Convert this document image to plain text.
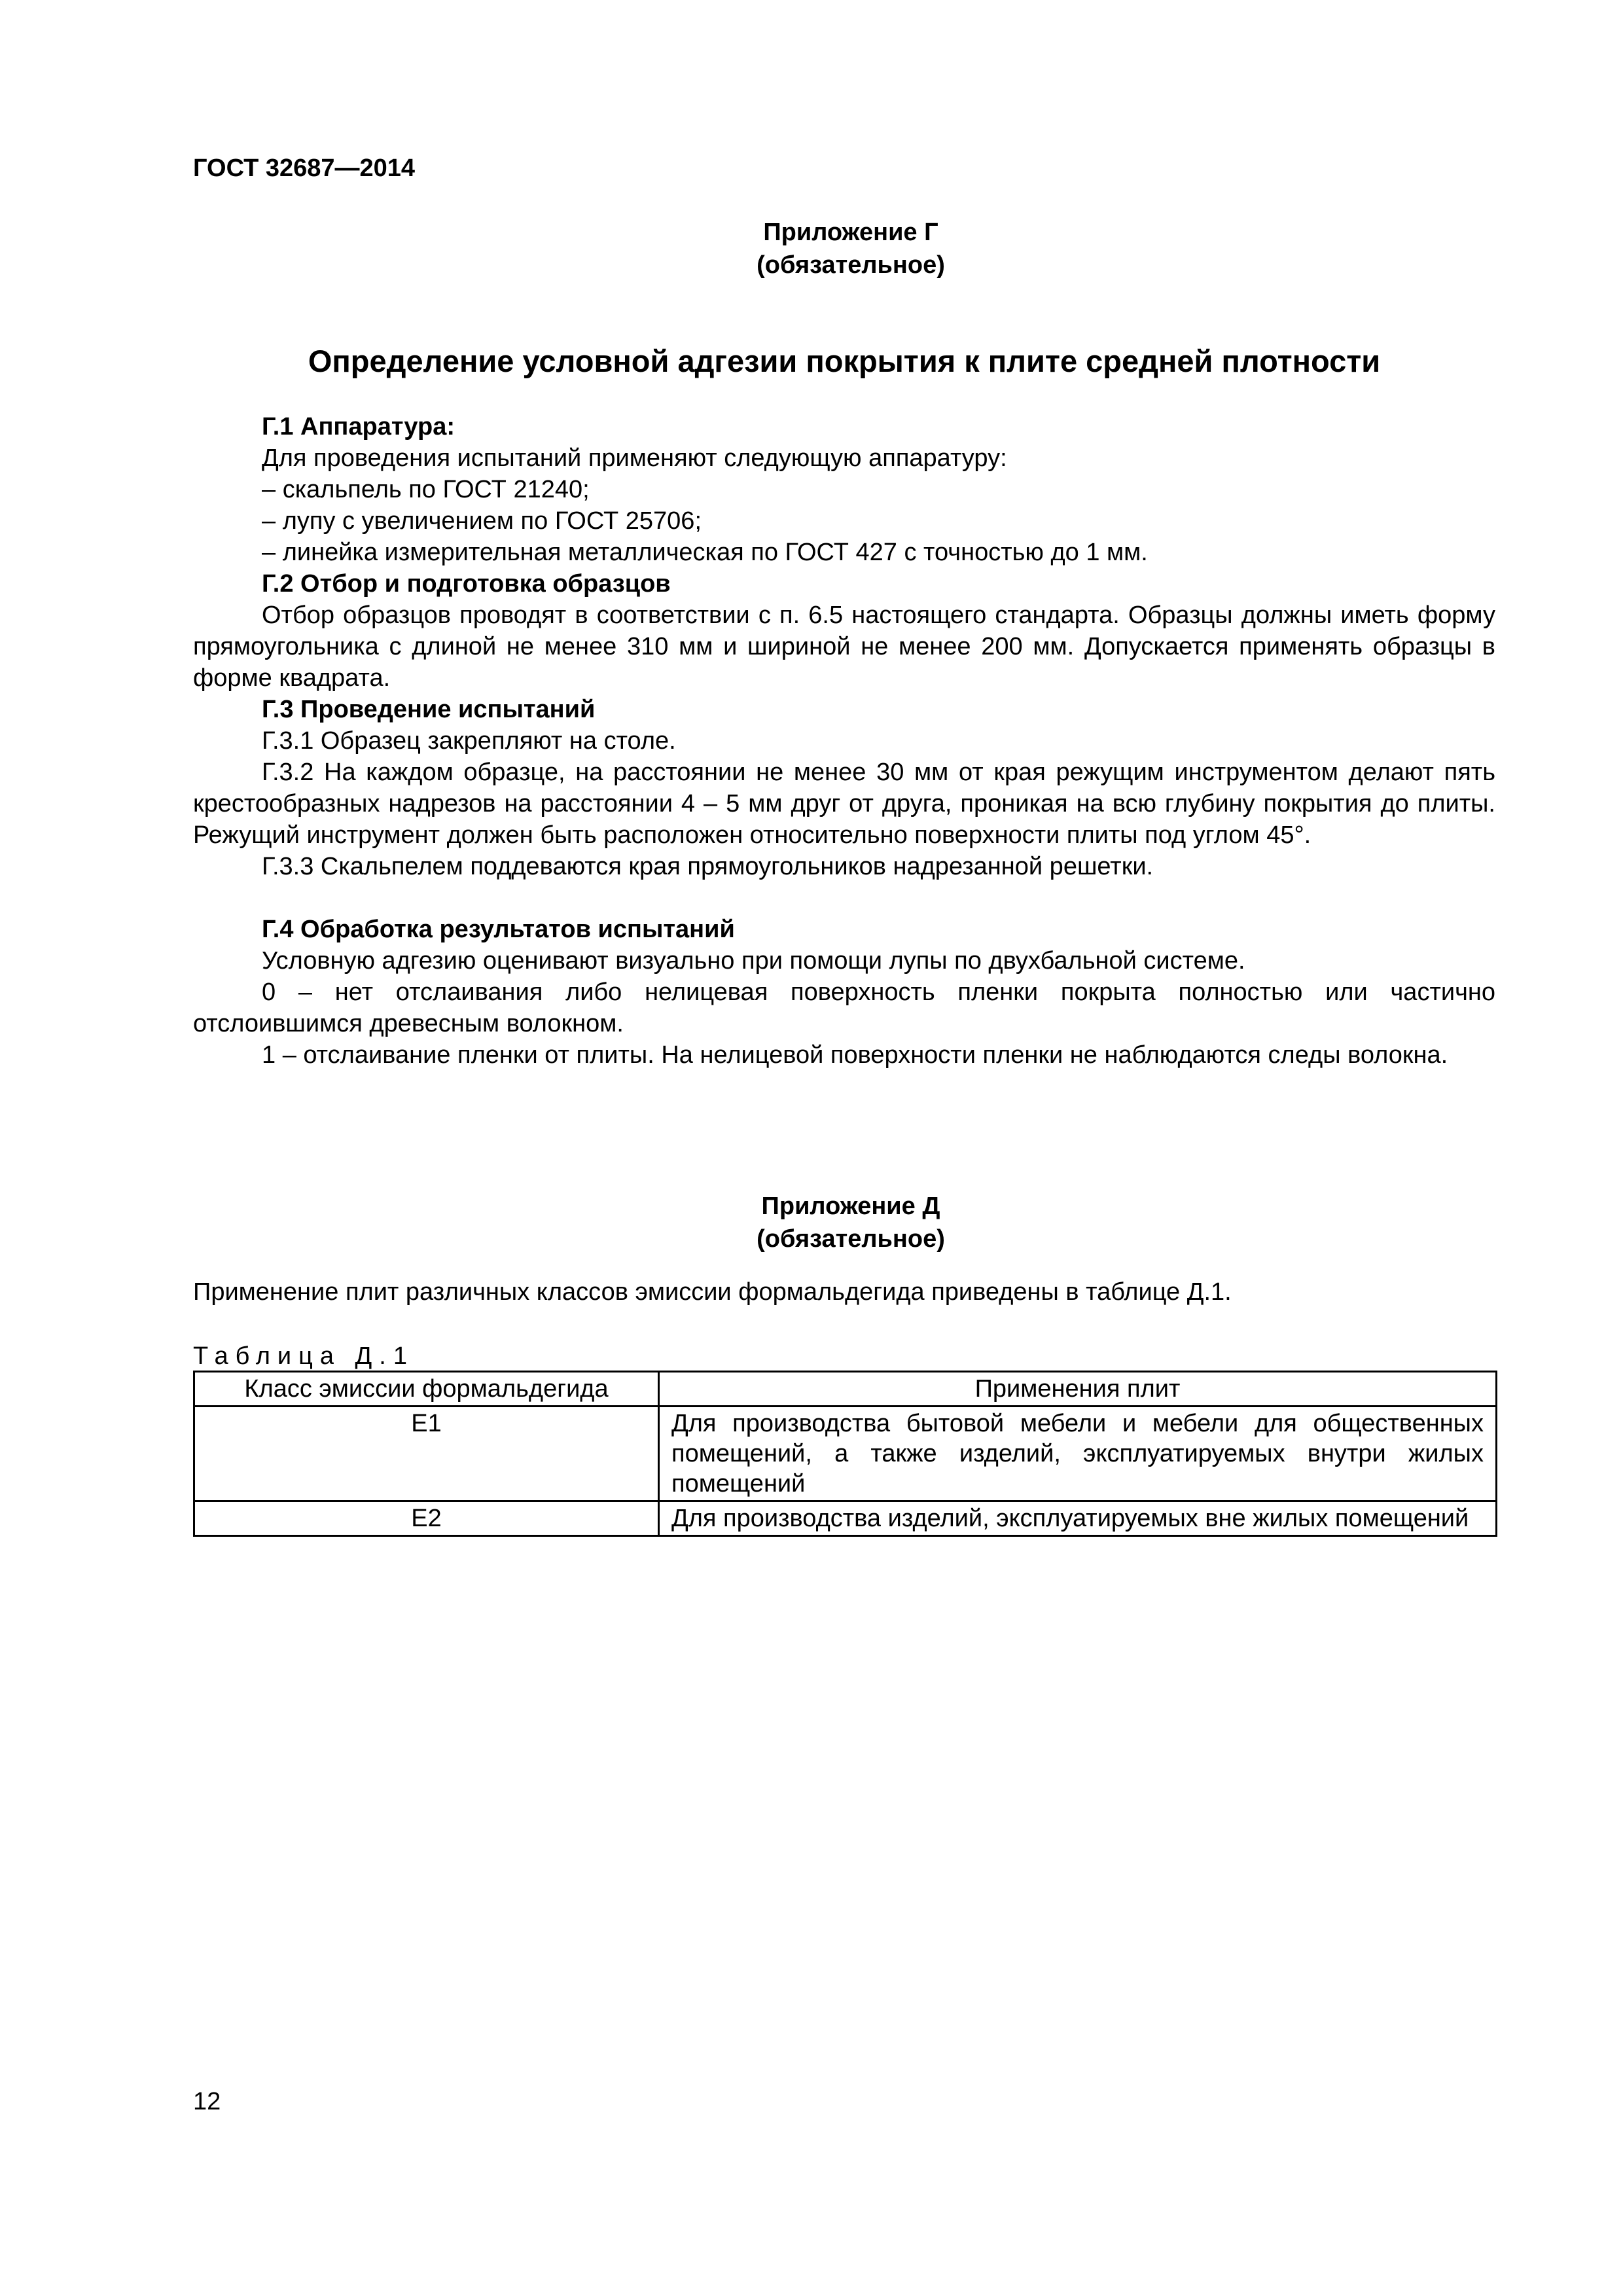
ГОСТ 32687—2014
Приложение Г
(обязательное)
Определение условной адгезии покрытия к плите средней плотности

Г.1 Аппаратура:

Для проведения испытаний применяют следующую аппаратуру:

– скальпель по ГОСТ 21240;

– лупу с увеличением по ГОСТ 25706;

– линейка измерительная металлическая по ГОСТ 427 с точностью до 1 мм.

Г.2 Отбор и подготовка образцов

Отбор образцов проводят в соответствии с п. 6.5 настоящего стандарта. Образцы должны иметь форму прямоугольника с длиной не менее 310 мм и шириной не менее 200 мм. Допускается применять образцы в форме квадрата.

Г.3 Проведение испытаний

Г.3.1 Образец закрепляют на столе.

Г.3.2 На каждом образце, на расстоянии не менее 30 мм от края режущим инструментом делают пять крестообразных надрезов на расстоянии 4 – 5 мм друг от друга, проникая на всю глубину покрытия до плиты. Режущий инструмент должен быть расположен относительно поверхности плиты под углом 45°.

Г.3.3 Скальпелем поддеваются края прямоугольников надрезанной решетки.

Г.4 Обработка результатов испытаний

Условную адгезию оценивают визуально при помощи лупы по двухбальной системе.

0 – нет отслаивания либо нелицевая поверхность пленки покрыта полностью или частично отслоившимся древесным волокном.

1 – отслаивание пленки от плиты. На нелицевой поверхности пленки не наблюдаются следы волокна.

Приложение Д
(обязательное)
Применение плит различных классов эмиссии формальдегида приведены в таблице Д.1.
Таблица Д.1
Класс эмиссии формальдегида	Применения плит
Е1	Для производства бытовой мебели и мебели для общественных помещений, а также изделий, эксплуатируемых внутри жилых помещений
Е2	Для производства изделий, эксплуатируемых вне жилых помещений
12
